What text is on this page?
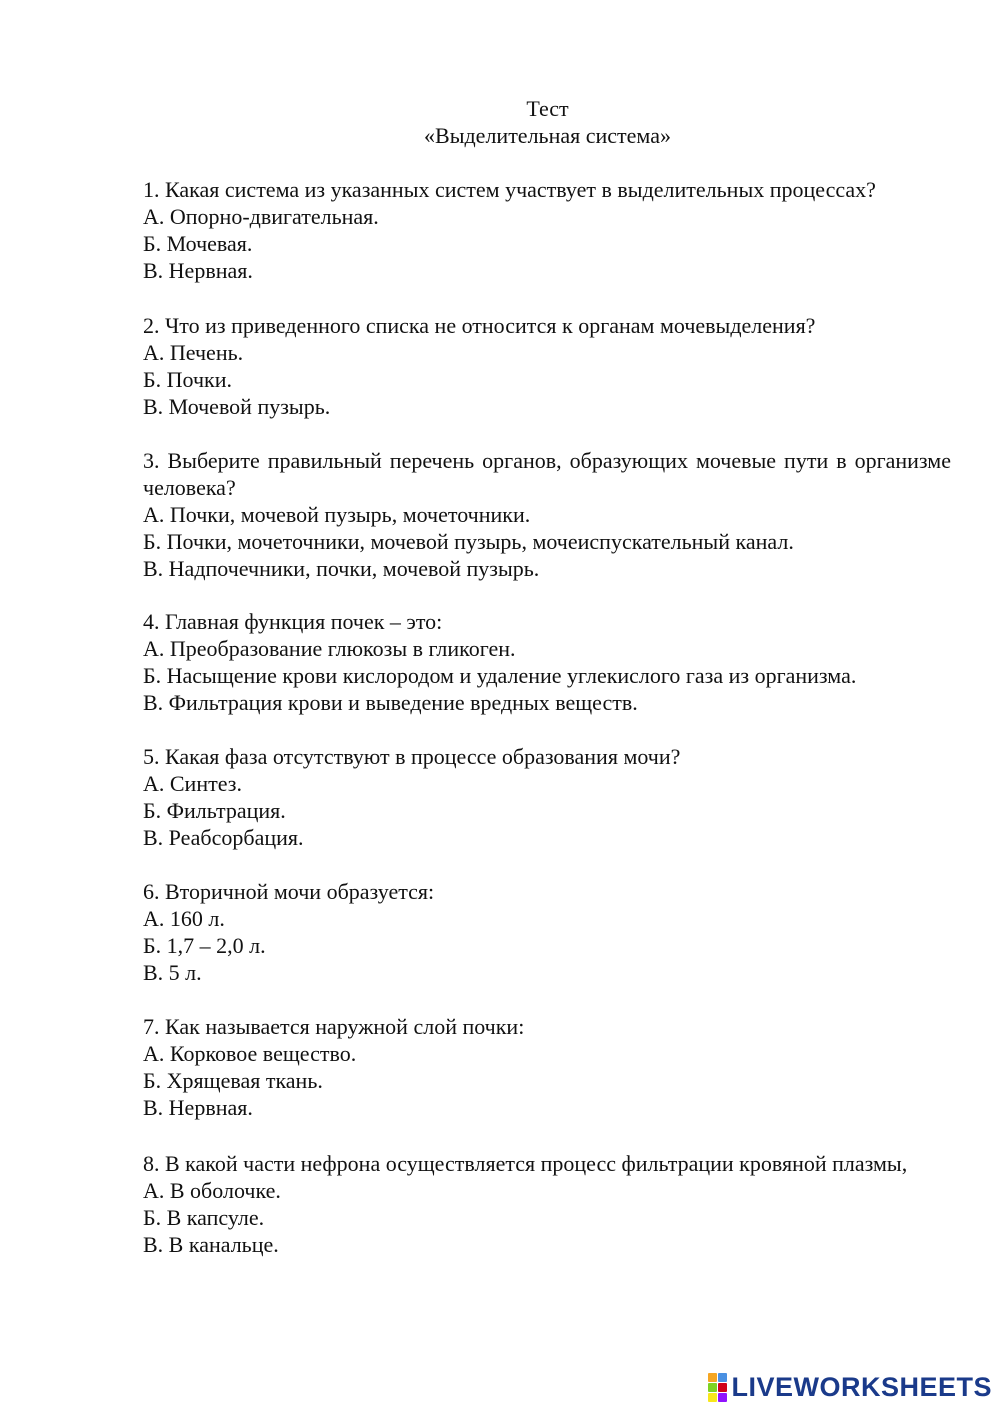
Тест
«Выделительная система»
1. Какая система из указанных систем участвует в выделительных процессах?
А. Опорно-двигательная.
Б. Мочевая.
В. Нервная.
2. Что из приведенного списка не относится к органам мочевыделения?
А. Печень.
Б. Почки.
В. Мочевой пузырь.
3. Выберите правильный перечень органов, образующих мочевые пути в организме человека?
А. Почки, мочевой пузырь, мочеточники.
Б. Почки, мочеточники, мочевой пузырь, мочеиспускательный канал.
В. Надпочечники, почки, мочевой пузырь.
4. Главная функция почек – это:
А. Преобразование глюкозы в гликоген.
Б. Насыщение крови кислородом и удаление углекислого газа из организма.
В. Фильтрация крови и выведение вредных веществ.
5. Какая фаза отсутствуют в процессе образования мочи?
А. Синтез.
Б. Фильтрация.
В. Реабсорбация.
6. Вторичной мочи образуется:
А. 160 л.
Б. 1,7 – 2,0 л.
В. 5 л.
7. Как называется наружной слой почки:
А. Корковое вещество.
Б. Хрящевая ткань.
В. Нервная.
8. В какой части нефрона осуществляется процесс фильтрации кровяной плазмы,
А. В оболочке.
Б. В капсуле.
В. В канальце.
LIVE WORKSHEETS
